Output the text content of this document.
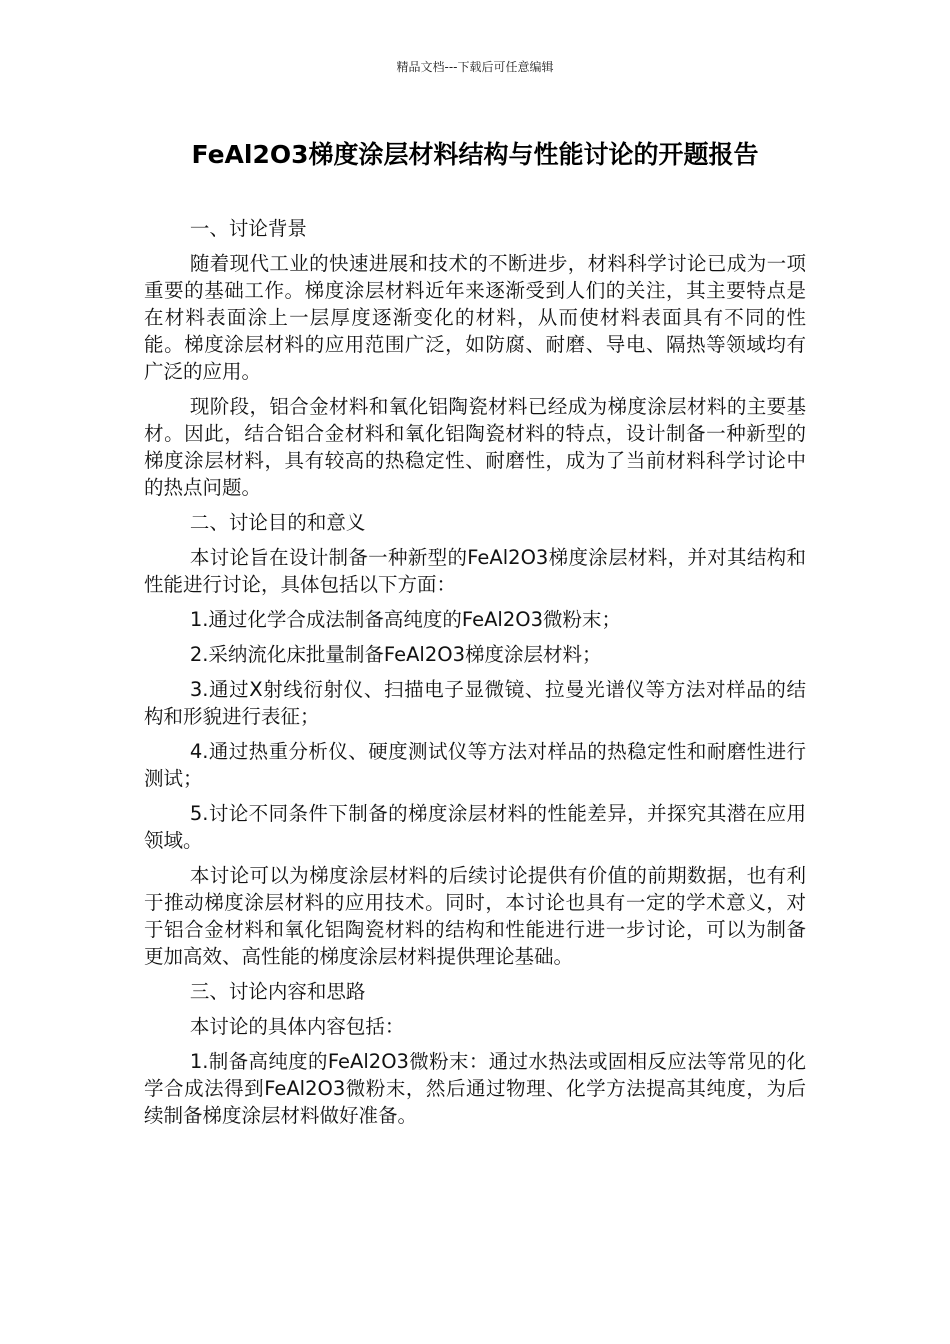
精品文档---下载后可任意编辑
FeAl2O3梯度涂层材料结构与性能讨论的开题报告

一、讨论背景

随着现代工业的快速进展和技术的不断进步，材料科学讨论已成为一项重要的基础工作。梯度涂层材料近年来逐渐受到人们的关注，其主要特点是在材料表面涂上一层厚度逐渐变化的材料，从而使材料表面具有不同的性能。梯度涂层材料的应用范围广泛，如防腐、耐磨、导电、隔热等领域均有广泛的应用。

现阶段，铝合金材料和氧化铝陶瓷材料已经成为梯度涂层材料的主要基材。因此，结合铝合金材料和氧化铝陶瓷材料的特点，设计制备一种新型的梯度涂层材料，具有较高的热稳定性、耐磨性，成为了当前材料科学讨论中的热点问题。

二、讨论目的和意义

本讨论旨在设计制备一种新型的FeAl2O3梯度涂层材料，并对其结构和性能进行讨论，具体包括以下方面：

1.通过化学合成法制备高纯度的FeAl2O3微粉末；

2.采纳流化床批量制备FeAl2O3梯度涂层材料；

3.通过X射线衍射仪、扫描电子显微镜、拉曼光谱仪等方法对样品的结构和形貌进行表征；

4.通过热重分析仪、硬度测试仪等方法对样品的热稳定性和耐磨性进行测试；

5.讨论不同条件下制备的梯度涂层材料的性能差异，并探究其潜在应用领域。

本讨论可以为梯度涂层材料的后续讨论提供有价值的前期数据，也有利于推动梯度涂层材料的应用技术。同时，本讨论也具有一定的学术意义，对于铝合金材料和氧化铝陶瓷材料的结构和性能进行进一步讨论，可以为制备更加高效、高性能的梯度涂层材料提供理论基础。

三、讨论内容和思路

本讨论的具体内容包括：

1.制备高纯度的FeAl2O3微粉末：通过水热法或固相反应法等常见的化学合成法得到FeAl2O3微粉末，然后通过物理、化学方法提高其纯度，为后续制备梯度涂层材料做好准备。
